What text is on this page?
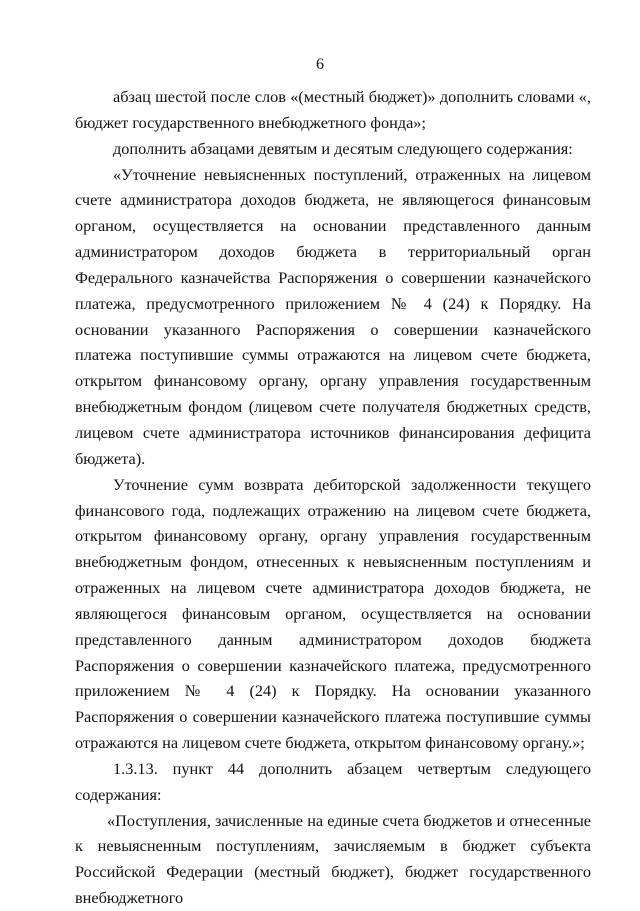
6

абзац шестой после слов «(местный бюджет)» дополнить словами «, бюджет государственного внебюджетного фонда»;

дополнить абзацами девятым и десятым следующего содержания:

«Уточнение невыясненных поступлений, отраженных на лицевом счете администратора доходов бюджета, не являющегося финансовым органом, осуществляется на основании представленного данным администратором доходов бюджета в территориальный орган Федерального казначейства Распоряжения о совершении казначейского платежа, предусмотренного приложением № 4 (24) к Порядку. На основании указанного Распоряжения о совершении казначейского платежа поступившие суммы отражаются на лицевом счете бюджета, открытом финансовому органу, органу управления государственным внебюджетным фондом (лицевом счете получателя бюджетных средств, лицевом счете администратора источников финансирования дефицита бюджета).

Уточнение сумм возврата дебиторской задолженности текущего финансового года, подлежащих отражению на лицевом счете бюджета, открытом финансовому органу, органу управления государственным внебюджетным фондом, отнесенных к невыясненным поступлениям и отраженных на лицевом счете администратора доходов бюджета, не являющегося финансовым органом, осуществляется на основании представленного данным администратором доходов бюджета Распоряжения о совершении казначейского платежа, предусмотренного приложением № 4 (24) к Порядку. На основании указанного Распоряжения о совершении казначейского платежа поступившие суммы отражаются на лицевом счете бюджета, открытом финансовому органу.»;

1.3.13. пункт 44 дополнить абзацем четвертым следующего содержания:

«Поступления, зачисленные на единые счета бюджетов и отнесенные к невыясненным поступлениям, зачисляемым в бюджет субъекта Российской Федерации (местный бюджет), бюджет государственного внебюджетного
